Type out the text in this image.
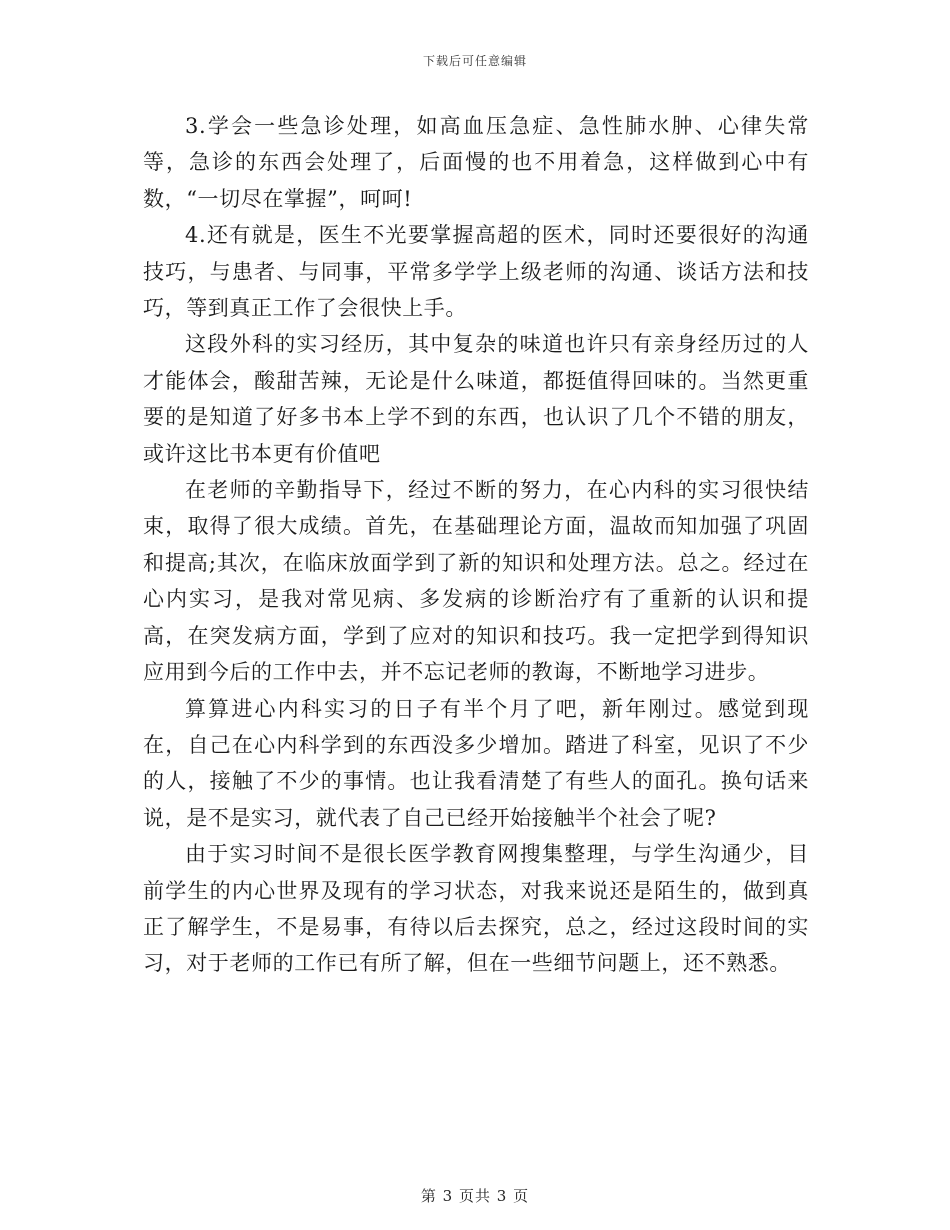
下载后可任意编辑

3.学会一些急诊处理，如高血压急症、急性肺水肿、心律失常等，急诊的东西会处理了，后面慢的也不用着急，这样做到心中有数，“一切尽在掌握”，呵呵!

4.还有就是，医生不光要掌握高超的医术，同时还要很好的沟通技巧，与患者、与同事，平常多学学上级老师的沟通、谈话方法和技巧，等到真正工作了会很快上手。

这段外科的实习经历，其中复杂的味道也许只有亲身经历过的人才能体会，酸甜苦辣，无论是什么味道，都挺值得回味的。当然更重要的是知道了好多书本上学不到的东西，也认识了几个不错的朋友，或许这比书本更有价值吧

在老师的辛勤指导下，经过不断的努力，在心内科的实习很快结束，取得了很大成绩。首先，在基础理论方面，温故而知加强了巩固和提高;其次，在临床放面学到了新的知识和处理方法。总之。经过在心内实习，是我对常见病、多发病的诊断治疗有了重新的认识和提高，在突发病方面，学到了应对的知识和技巧。我一定把学到得知识应用到今后的工作中去，并不忘记老师的教诲，不断地学习进步。

算算进心内科实习的日子有半个月了吧，新年刚过。感觉到现在，自己在心内科学到的东西没多少增加。踏进了科室，见识了不少的人，接触了不少的事情。也让我看清楚了有些人的面孔。换句话来说，是不是实习，就代表了自己已经开始接触半个社会了呢?

由于实习时间不是很长医学教育网搜集整理，与学生沟通少，目前学生的内心世界及现有的学习状态，对我来说还是陌生的，做到真正了解学生，不是易事，有待以后去探究，总之，经过这段时间的实习，对于老师的工作已有所了解，但在一些细节问题上，还不熟悉。

第 3 页共 3 页
